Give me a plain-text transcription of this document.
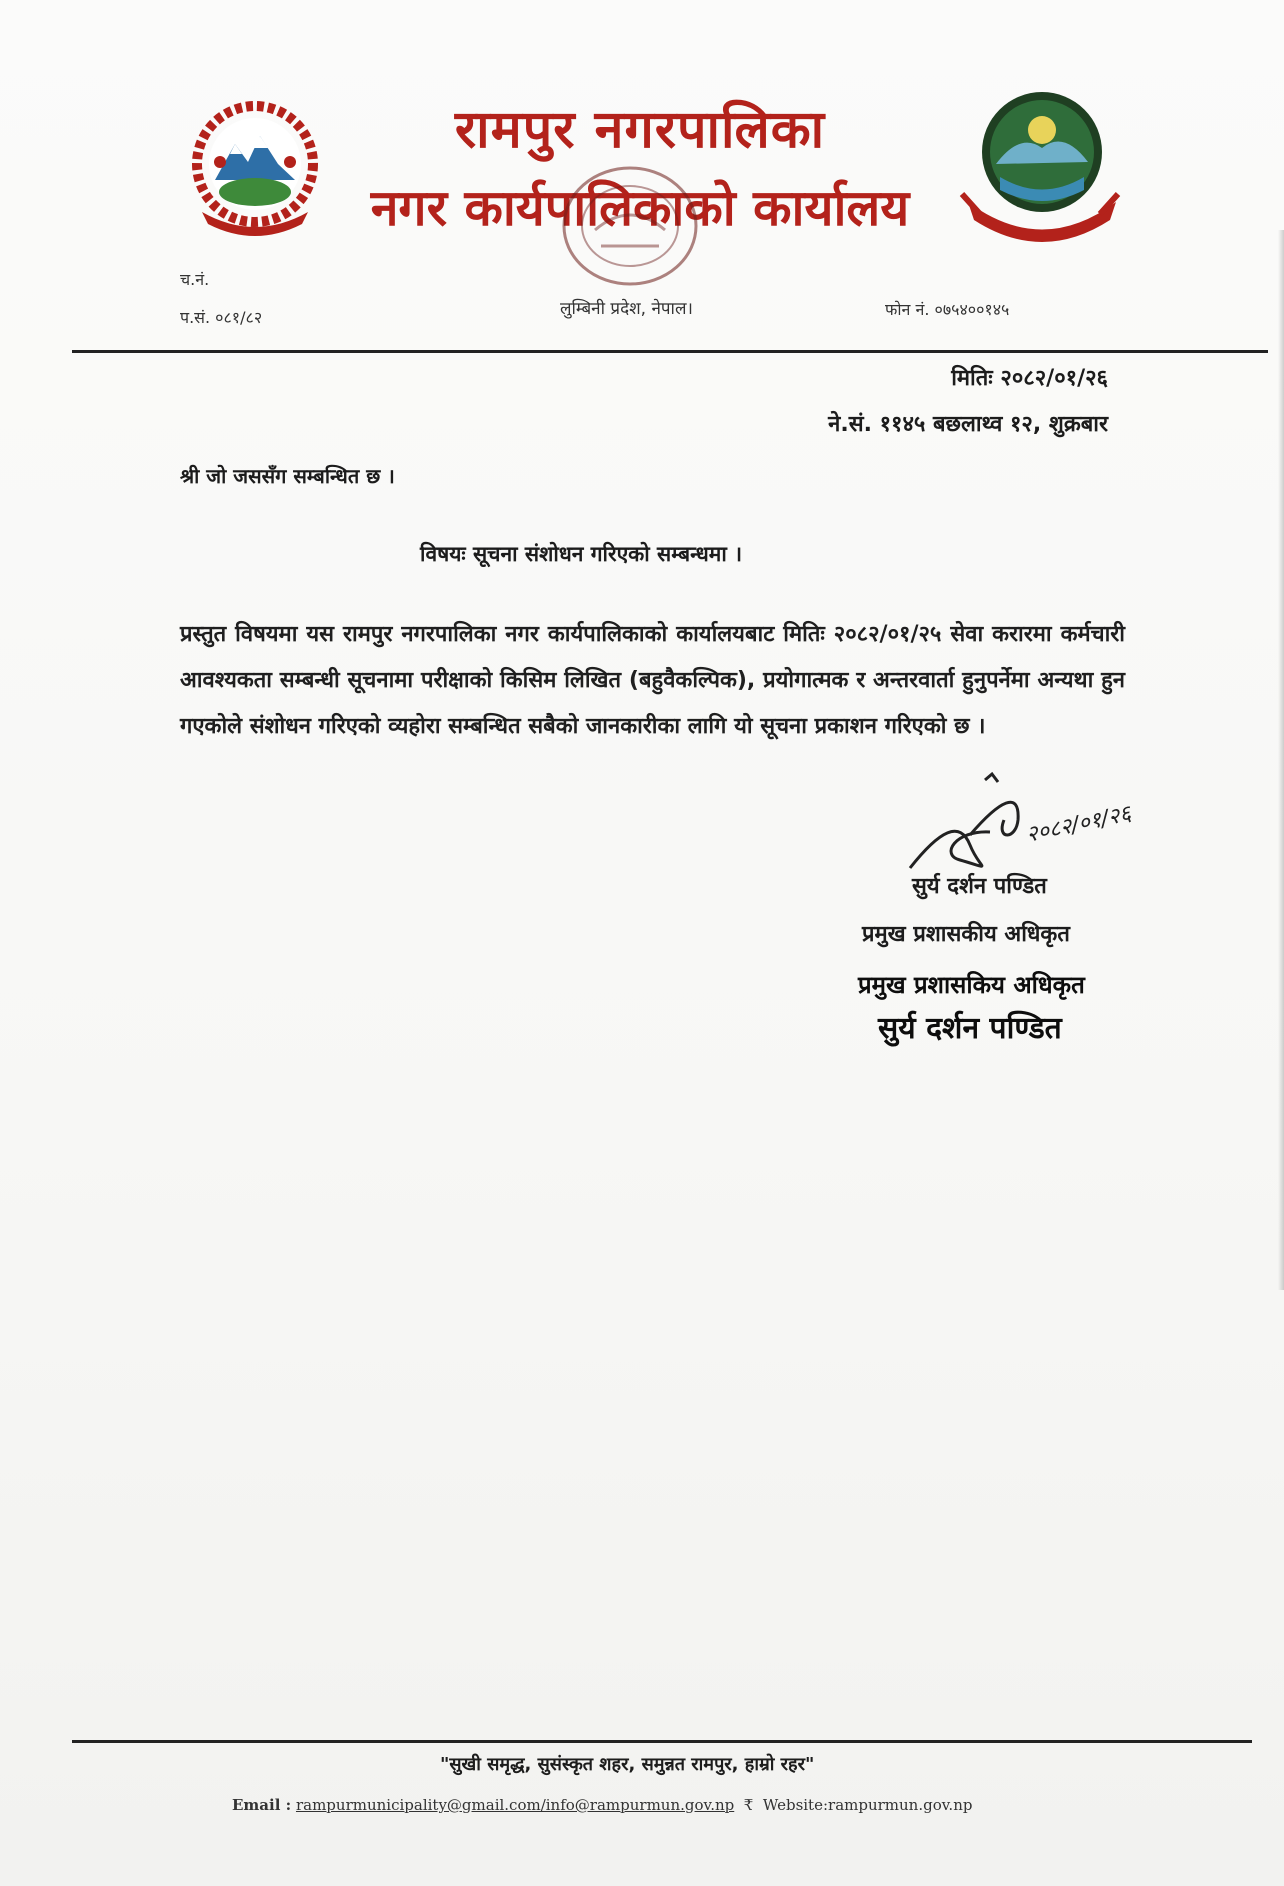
रामपुर नगरपालिका
नगर कार्यपालिकाको कार्यालय
च.नं.
प.सं. ०८१/८२	लुम्बिनी प्रदेश, नेपाल।	फोन नं. ०७५४००१४५
मितिः २०८२/०१/२६
ने.सं. ११४५ बछलाथ्व १२, शुक्रबार
श्री जो जससँग सम्बन्धित छ ।
विषयः सूचना संशोधन गरिएको सम्बन्धमा ।
प्रस्तुत विषयमा यस रामपुर नगरपालिका नगर कार्यपालिकाको कार्यालयबाट मितिः २०८२/०१/२५ सेवा करारमा कर्मचारी आवश्यकता सम्बन्धी सूचनामा परीक्षाको किसिम लिखित (बहुवैकल्पिक), प्रयोगात्मक र अन्तरवार्ता हुनुपर्नेमा अन्यथा हुन गएकोले संशोधन गरिएको व्यहोरा सम्बन्धित सबैको जानकारीका लागि यो सूचना प्रकाशन गरिएको छ ।
२०८२/०१/२६
सुर्य दर्शन पण्डित
प्रमुख प्रशासकीय अधिकृत
प्रमुख प्रशासकिय अधिकृत
सुर्य दर्शन पण्डित
"सुखी समृद्ध, सुसंस्कृत शहर, समुन्नत रामपुर, हाम्रो रहर"
Email : rampurmunicipality@gmail.com/info@rampurmun.gov.np ₹ Website:rampurmun.gov.np
